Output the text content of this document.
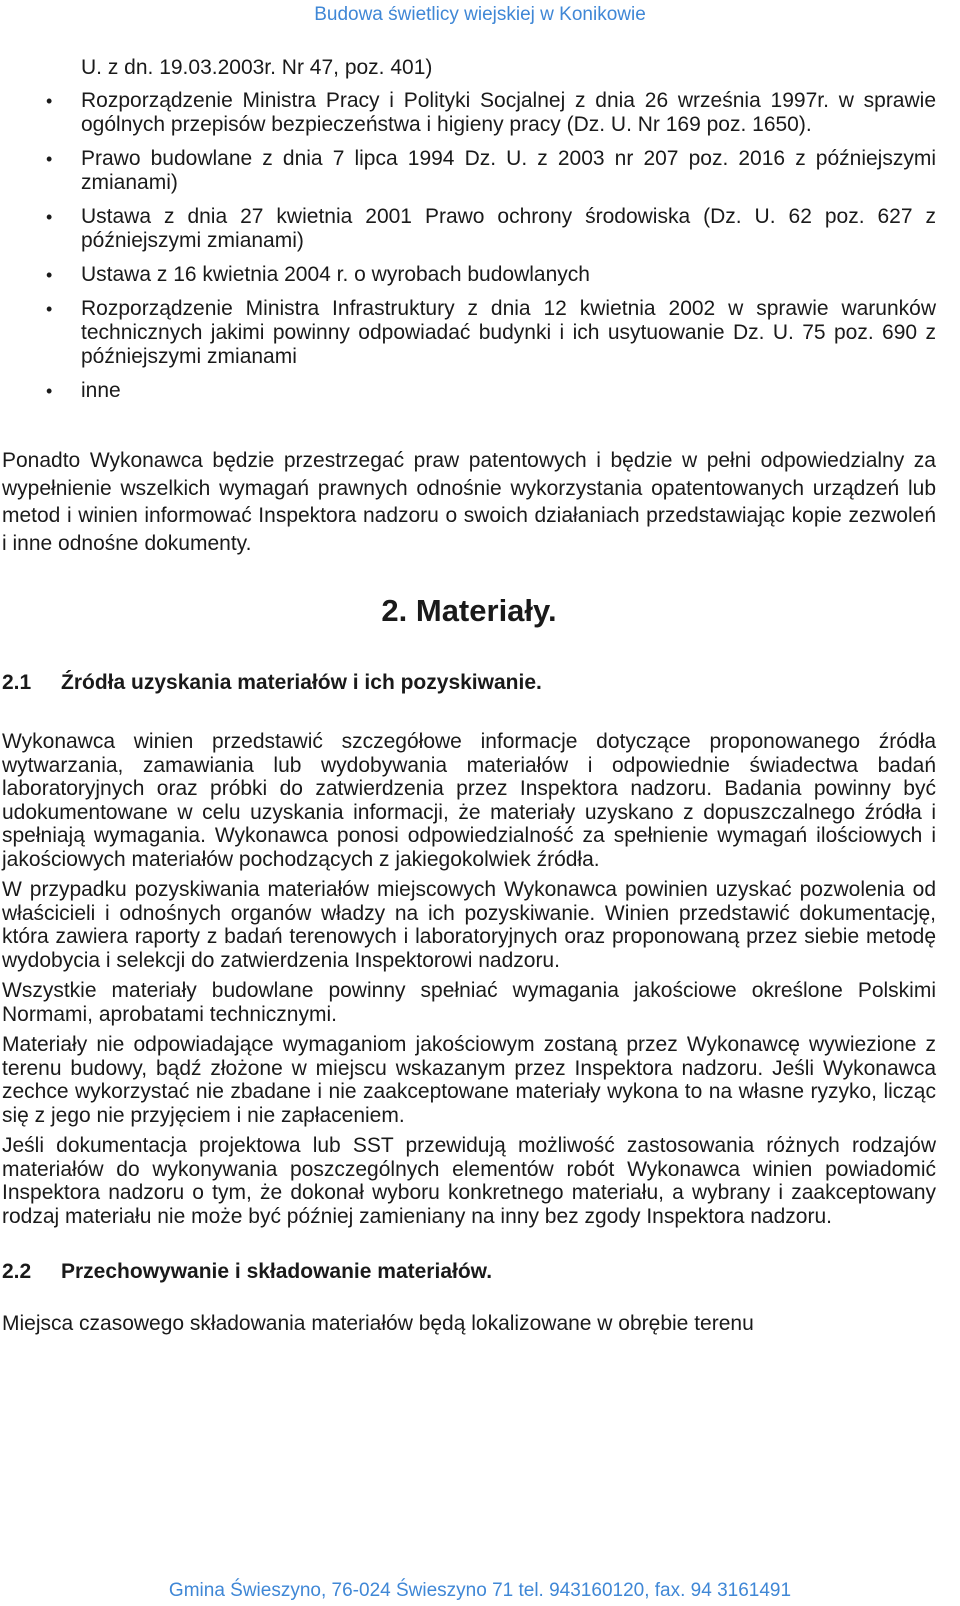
Budowa świetlicy wiejskiej w Konikowie
U. z dn. 19.03.2003r. Nr 47, poz. 401)
• Rozporządzenie Ministra Pracy i Polityki Socjalnej z dnia 26 września 1997r. w sprawie ogólnych przepisów bezpieczeństwa i higieny pracy (Dz. U. Nr 169 poz. 1650).
• Prawo budowlane z dnia 7 lipca 1994 Dz. U. z 2003 nr 207 poz. 2016 z późniejszymi zmianami)
• Ustawa z dnia 27 kwietnia 2001 Prawo ochrony środowiska (Dz. U. 62 poz. 627 z późniejszymi zmianami)
• Ustawa z 16 kwietnia 2004 r. o wyrobach budowlanych
• Rozporządzenie Ministra Infrastruktury z dnia 12 kwietnia 2002 w sprawie warunków technicznych jakimi powinny odpowiadać budynki i ich usytuowanie Dz. U. 75 poz. 690 z późniejszymi zmianami
• inne

Ponadto Wykonawca będzie przestrzegać praw patentowych i będzie w pełni odpowiedzialny za wypełnienie wszelkich wymagań prawnych odnośnie wykorzystania opatentowanych urządzeń lub metod i winien informować Inspektora nadzoru o swoich działaniach przedstawiając kopie zezwoleń i inne odnośne dokumenty.

2. Materiały.
2.1	Źródła uzyskania materiałów i ich pozyskiwanie.

Wykonawca winien przedstawić szczegółowe informacje dotyczące proponowanego źródła wytwarzania, zamawiania lub wydobywania materiałów i odpowiednie świadectwa badań laboratoryjnych oraz próbki do zatwierdzenia przez Inspektora nadzoru. Badania powinny być udokumentowane w celu uzyskania informacji, że materiały uzyskano z dopuszczalnego źródła i spełniają wymagania. Wykonawca ponosi odpowiedzialność za spełnienie wymagań ilościowych i jakościowych materiałów pochodzących z jakiegokolwiek źródła.

W przypadku pozyskiwania materiałów miejscowych Wykonawca powinien uzyskać pozwolenia od właścicieli i odnośnych organów władzy na ich pozyskiwanie. Winien przedstawić dokumentację, która zawiera raporty z badań terenowych i laboratoryjnych oraz proponowaną przez siebie metodę wydobycia i selekcji do zatwierdzenia Inspektorowi nadzoru.

Wszystkie materiały budowlane powinny spełniać wymagania jakościowe określone Polskimi Normami, aprobatami technicznymi.

Materiały nie odpowiadające wymaganiom jakościowym zostaną przez Wykonawcę wywiezione z terenu budowy, bądź złożone w miejscu wskazanym przez Inspektora nadzoru. Jeśli Wykonawca zechce wykorzystać nie zbadane i nie zaakceptowane materiały wykona to na własne ryzyko, licząc się z jego nie przyjęciem i nie zapłaceniem.

Jeśli dokumentacja projektowa lub SST przewidują możliwość zastosowania różnych rodzajów materiałów do wykonywania poszczególnych elementów robót Wykonawca winien powiadomić Inspektora nadzoru o tym, że dokonał wyboru konkretnego materiału, a wybrany i zaakceptowany rodzaj materiału nie może być później zamieniany na inny bez zgody Inspektora nadzoru.

2.2	Przechowywanie i składowanie materiałów.

Miejsca czasowego składowania materiałów będą lokalizowane w obrębie terenu

Gmina Świeszyno, 76-024 Świeszyno 71 tel. 943160120, fax. 94 3161491
